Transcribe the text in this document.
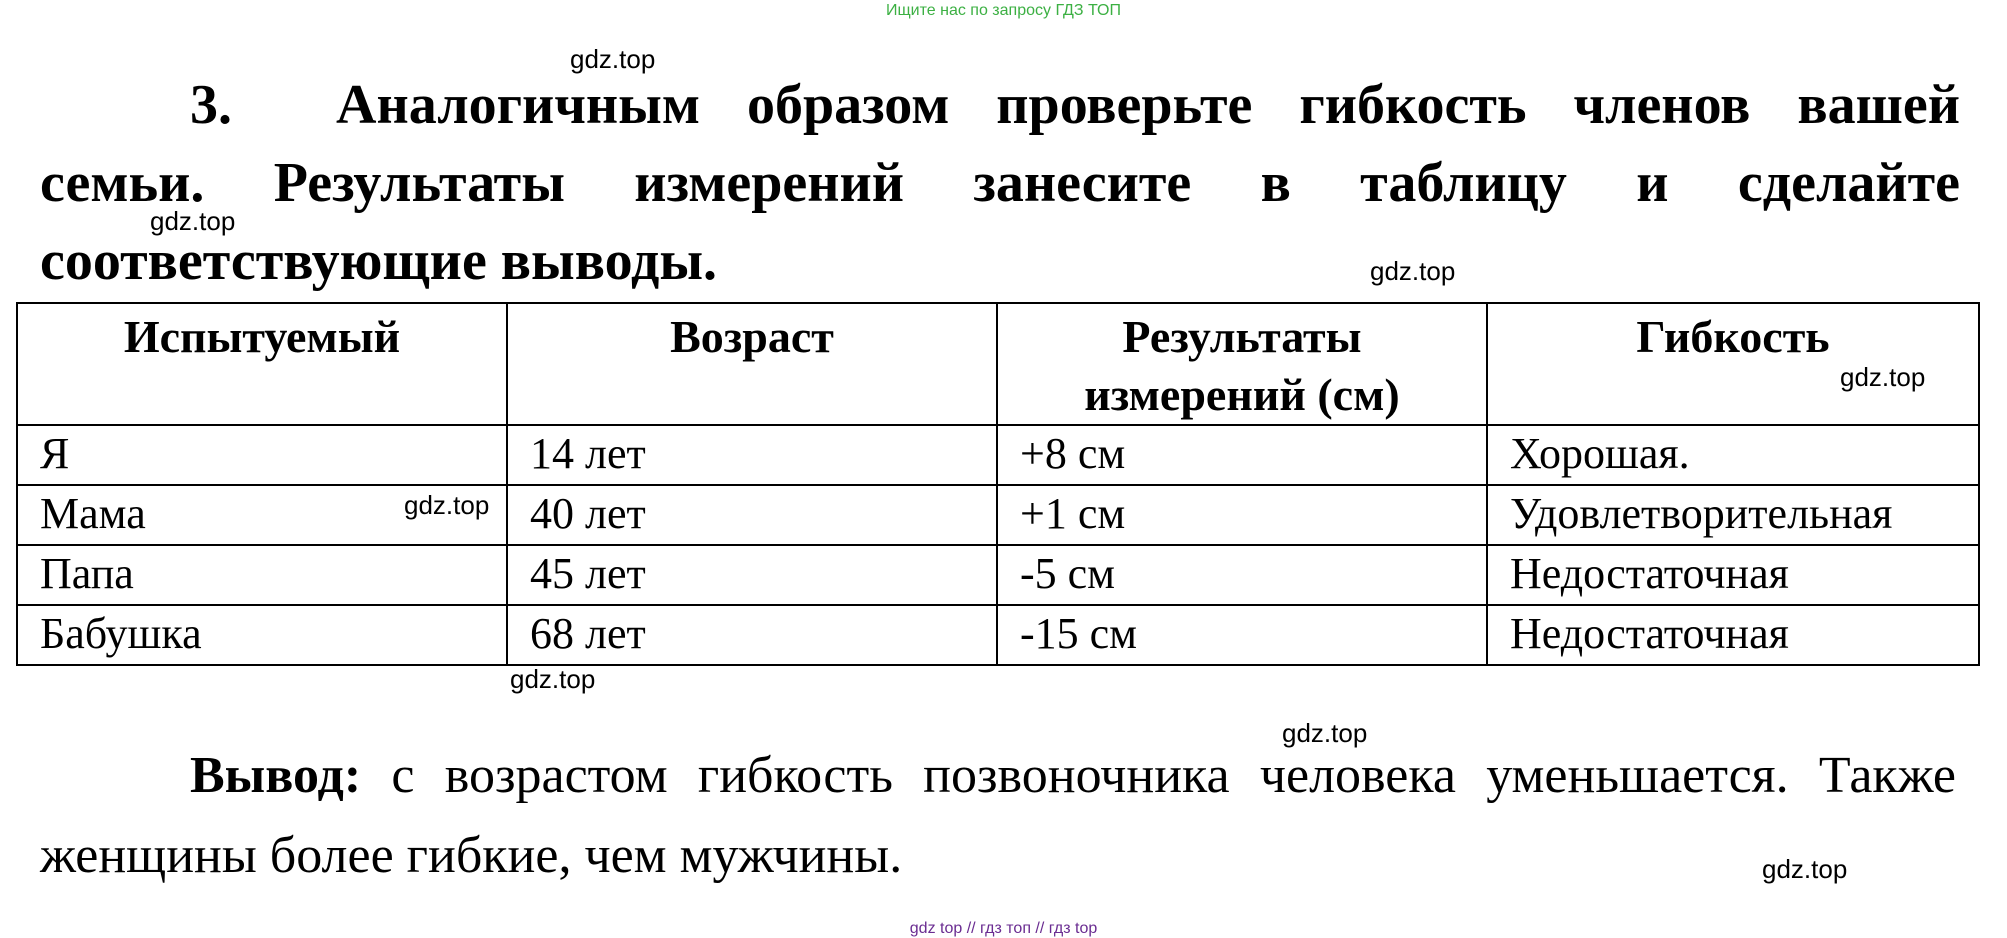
Ищите нас по запросу ГДЗ ТОП
3. Аналогичным образом проверьте гибкость членов вашей семьи. Результаты измерений занесите в таблицу и сделайте соответствующие выводы.
Испытуемый	Возраст	Результаты измерений (см)	Гибкость
Я	14 лет	+8 см	Хорошая.
Мама	40 лет	+1 см	Удовлетворительная
Папа	45 лет	-5 см	Недостаточная
Бабушка	68 лет	-15 см	Недостаточная
Вывод: с возрастом гибкость позвоночника человека уменьшается. Также женщины более гибкие, чем мужчины.
gdz.top
gdz.top
gdz.top
gdz.top
gdz.top
gdz.top
gdz.top
gdz.top
gdz top // гдз топ // гдз top
